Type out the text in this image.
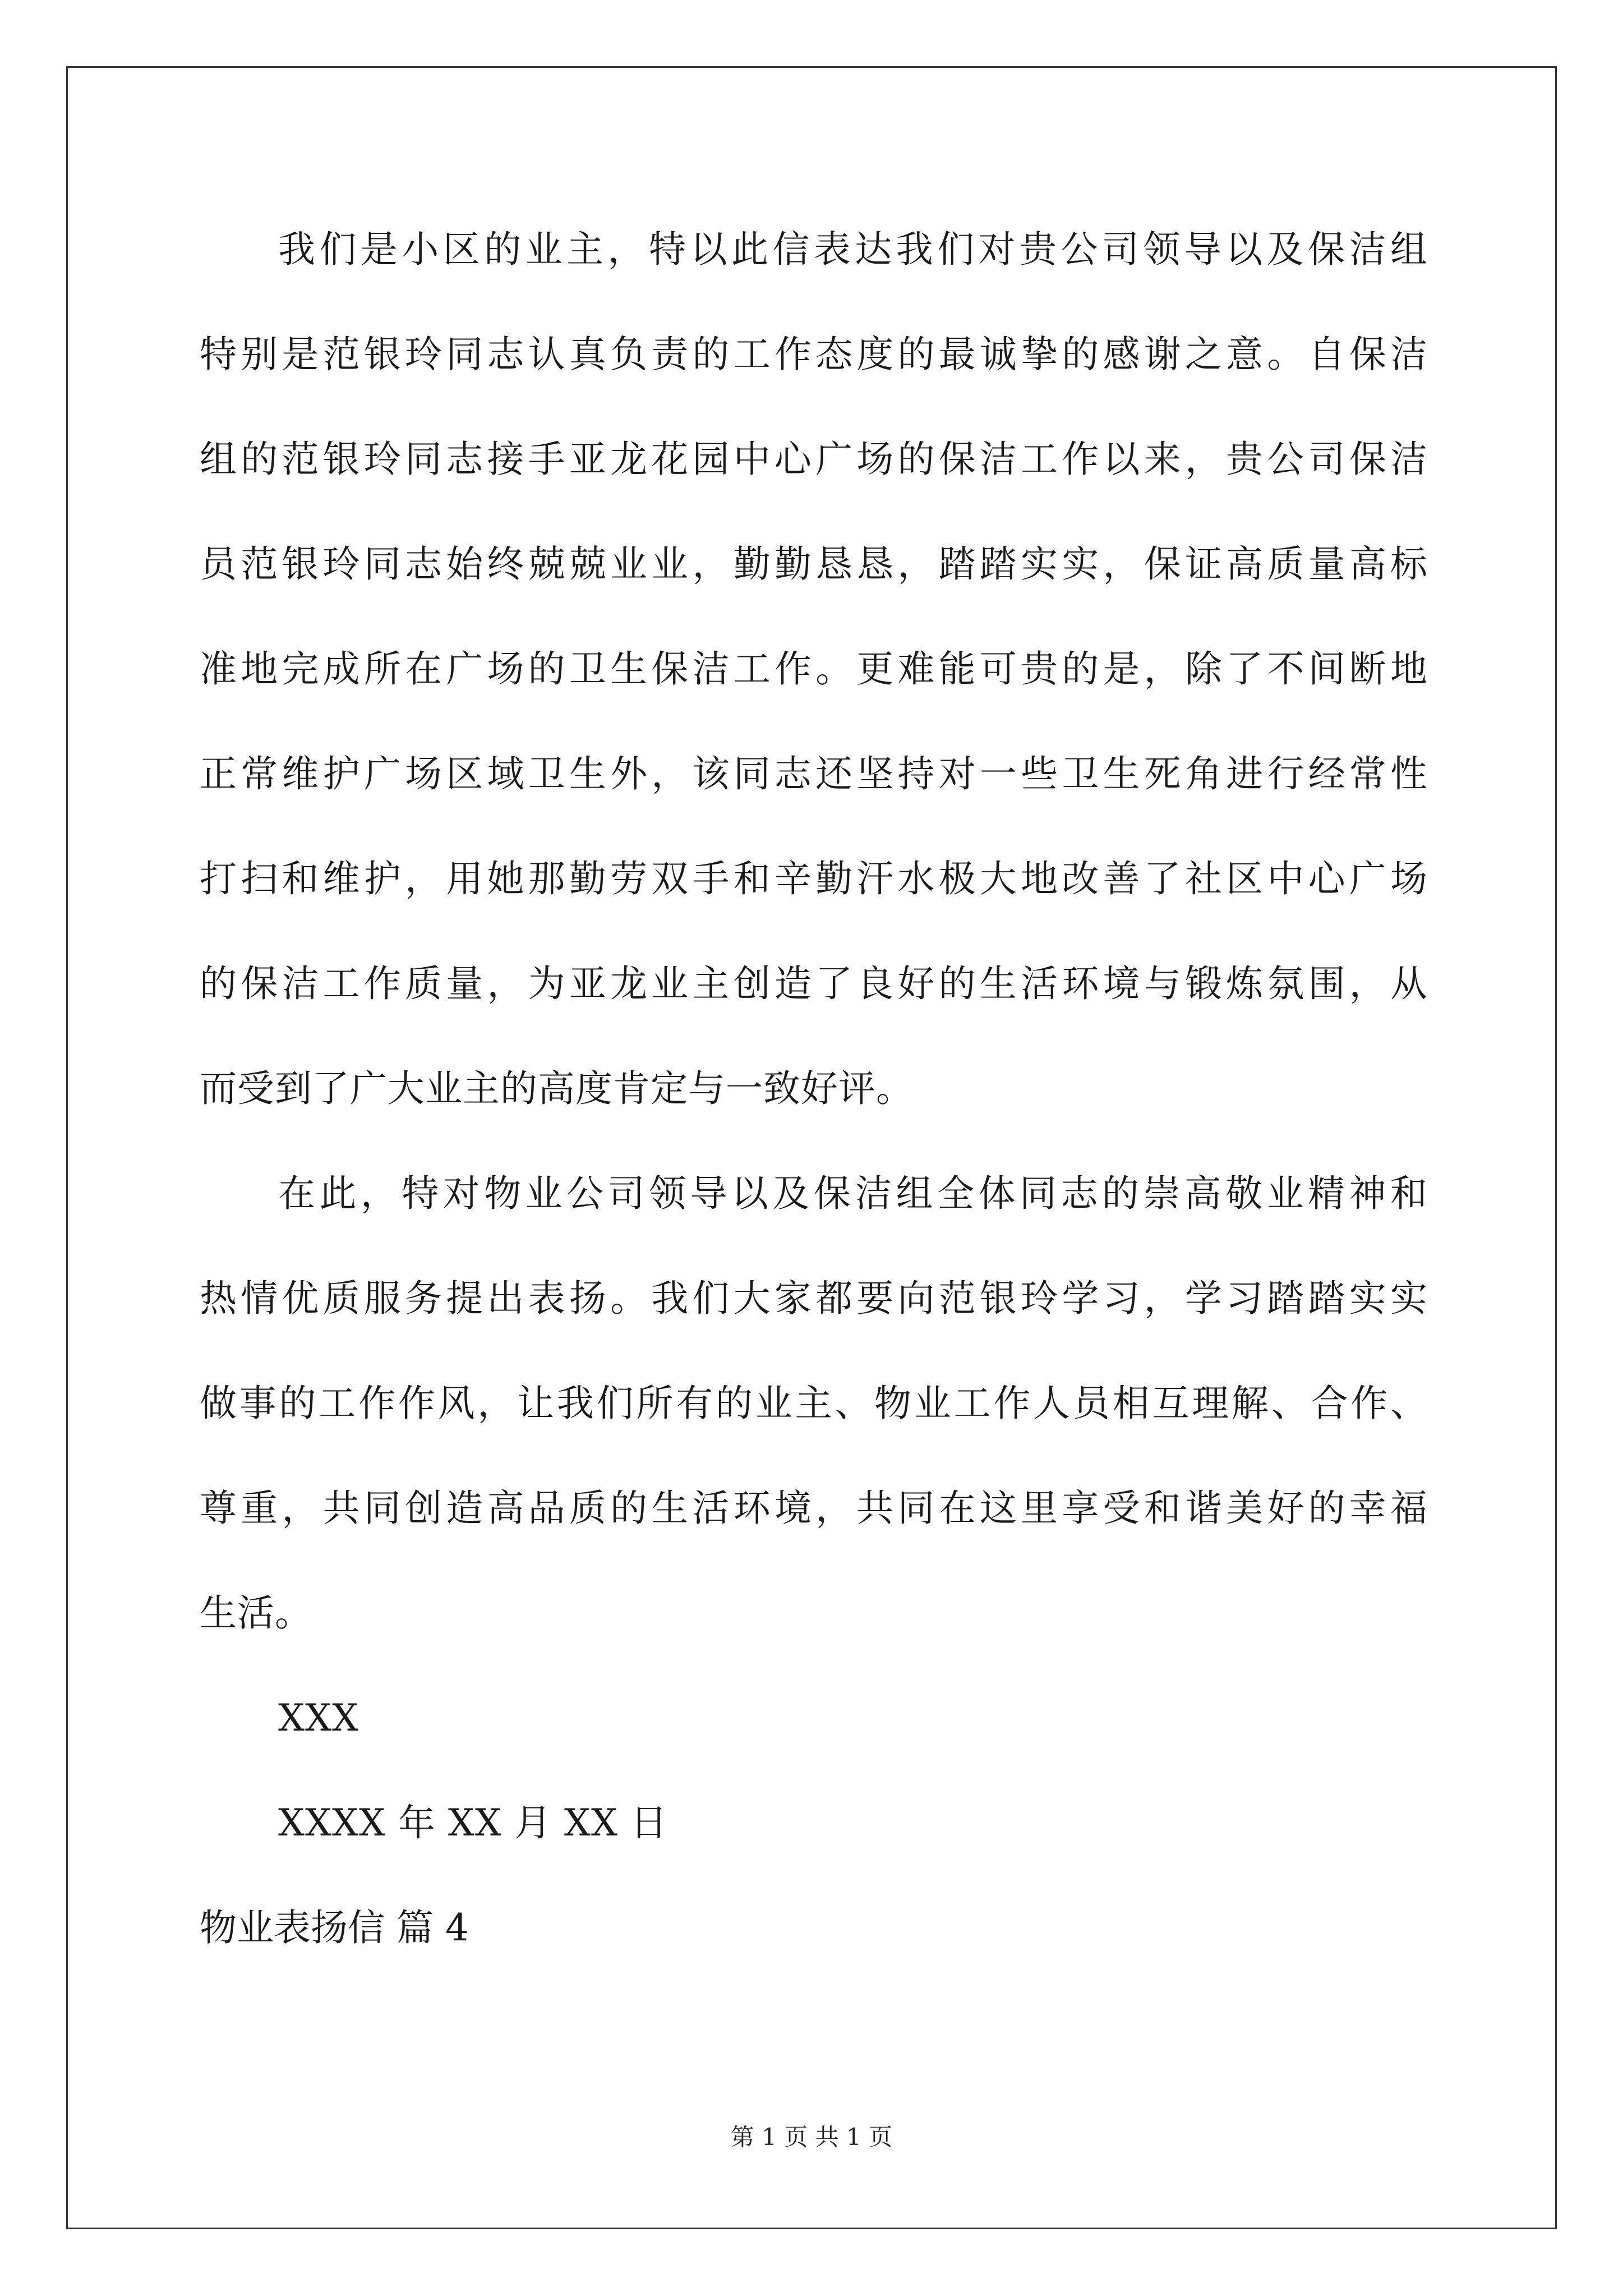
我们是小区的业主，特以此信表达我们对贵公司领导以及保洁组
特别是范银玲同志认真负责的工作态度的最诚挚的感谢之意。自保洁
组的范银玲同志接手亚龙花园中心广场的保洁工作以来，贵公司保洁
员范银玲同志始终兢兢业业，勤勤恳恳，踏踏实实，保证高质量高标
准地完成所在广场的卫生保洁工作。更难能可贵的是，除了不间断地
正常维护广场区域卫生外，该同志还坚持对一些卫生死角进行经常性
打扫和维护，用她那勤劳双手和辛勤汗水极大地改善了社区中心广场
的保洁工作质量，为亚龙业主创造了良好的生活环境与锻炼氛围，从
而受到了广大业主的高度肯定与一致好评。
在此，特对物业公司领导以及保洁组全体同志的崇高敬业精神和
热情优质服务提出表扬。我们大家都要向范银玲学习，学习踏踏实实
做事的工作作风，让我们所有的业主、物业工作人员相互理解、合作、
尊重，共同创造高品质的生活环境，共同在这里享受和谐美好的幸福
生活。
XXX
XXXX 年 XX 月 XX 日
物业表扬信 篇 4
第 1 页 共 1 页
